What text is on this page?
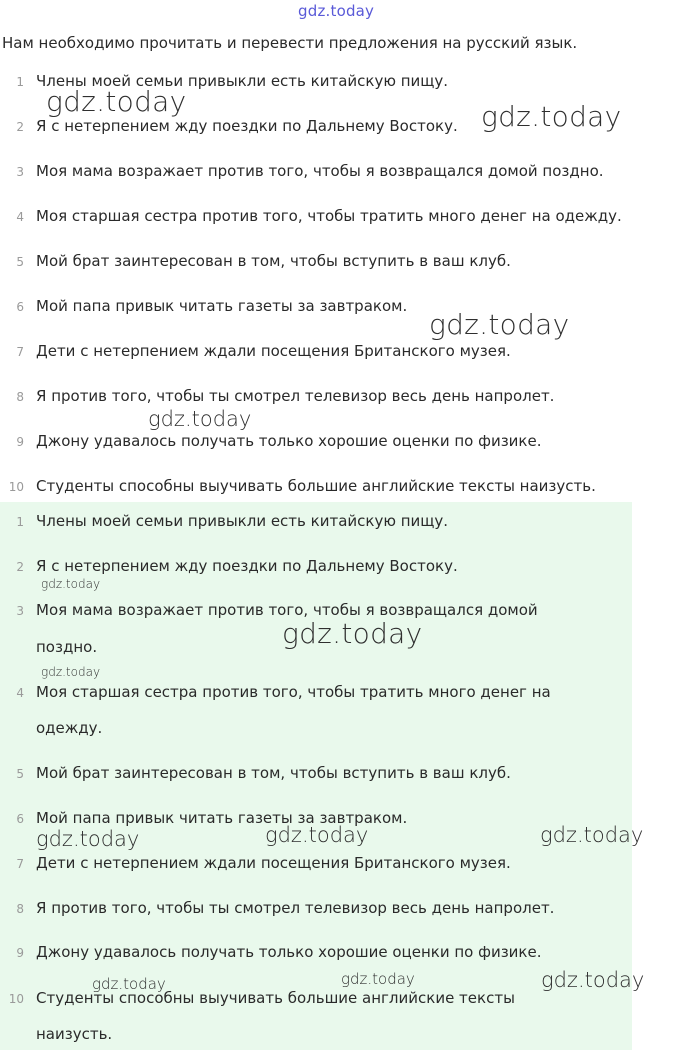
gdz.today
Нам необходимо прочитать и перевести предложения на русский язык.
1 Члены моей семьи привыкли есть китайскую пищу.
2 Я с нетерпением жду поездки по Дальнему Востоку.
3 Моя мама возражает против того, чтобы я возвращался домой поздно.
4 Моя старшая сестра против того, чтобы тратить много денег на одежду.
5 Мой брат заинтересован в том, чтобы вступить в ваш клуб.
6 Мой папа привык читать газеты за завтраком.
7 Дети с нетерпением ждали посещения Британского музея.
8 Я против того, чтобы ты смотрел телевизор весь день напролет.
9 Джону удавалось получать только хорошие оценки по физике.
10 Студенты способны выучивать большие английские тексты наизусть.
1 Члены моей семьи привыкли есть китайскую пищу.
2 Я с нетерпением жду поездки по Дальнему Востоку.
3 Моя мама возражает против того, чтобы я возвращался домой
поздно.
4 Моя старшая сестра против того, чтобы тратить много денег на
одежду.
5 Мой брат заинтересован в том, чтобы вступить в ваш клуб.
6 Мой папа привык читать газеты за завтраком.
7 Дети с нетерпением ждали посещения Британского музея.
8 Я против того, чтобы ты смотрел телевизор весь день напролет.
9 Джону удавалось получать только хорошие оценки по физике.
10 Студенты способны выучивать большие английские тексты
наизусть.
gdz.today	gdz.today
gdz.today
gdz.today
gdz.today
gdz.today
gdz.today
gdz.today	gdz.today	gdz.today
gdz.today	gdz.today	gdz.today
